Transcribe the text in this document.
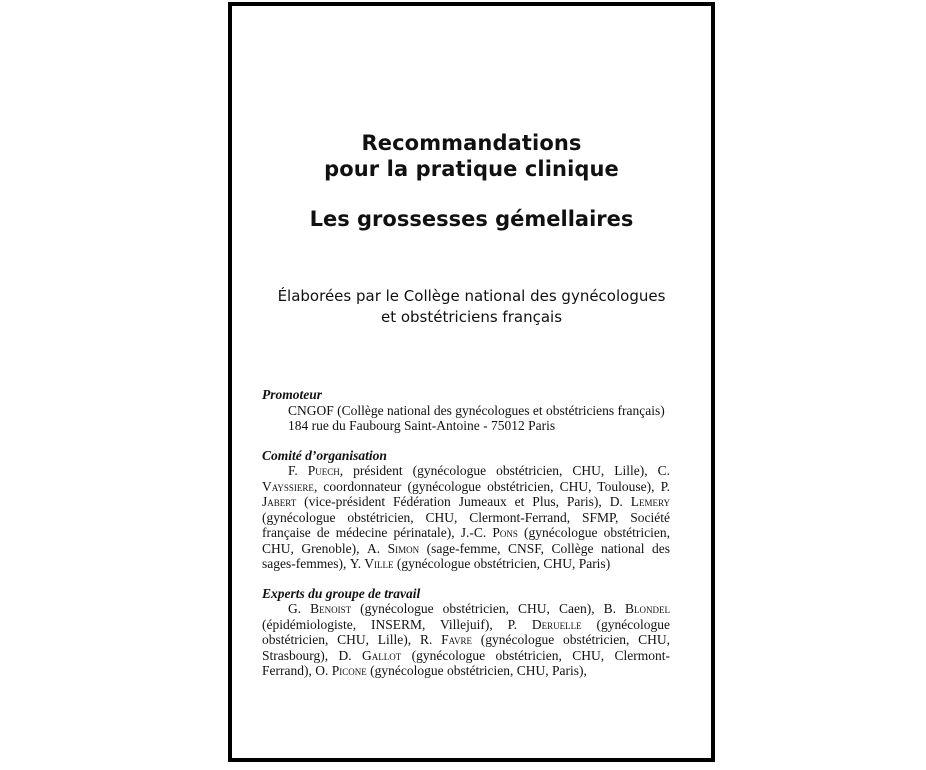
Recommandations
pour la pratique clinique
Les grossesses gémellaires
Élaborées par le Collège national des gynécologues
et obstétriciens français
Promoteur
CNGOF (Collège national des gynécologues et obstétriciens français)
184 rue du Faubourg Saint-Antoine - 75012 Paris
Comité d’organisation
F. Puech, président (gynécologue obstétricien, CHU, Lille), C. Vayssiere, coordonnateur (gynécologue obstétricien, CHU, Toulouse), P. Jabert (vice-président Fédération Jumeaux et Plus, Paris), D. Lemery (gynécologue obstétricien, CHU, Clermont-Ferrand, SFMP, Société française de médecine périnatale), J.-C. Pons (gynécologue obstétricien, CHU, Grenoble), A. Simon (sage-femme, CNSF, Collège national des sages-femmes), Y. Ville (gynécologue obstétricien, CHU, Paris)
Experts du groupe de travail
G. Benoist (gynécologue obstétricien, CHU, Caen), B. Blondel (épidémiologiste, INSERM, Villejuif), P. Deruelle (gynécologue obstétricien, CHU, Lille), R. Favre (gynécologue obstétricien, CHU, Strasbourg), D. Gallot (gynécologue obstétricien, CHU, Clermont-Ferrand), O. Picone (gynécologue obstétricien, CHU, Paris),
